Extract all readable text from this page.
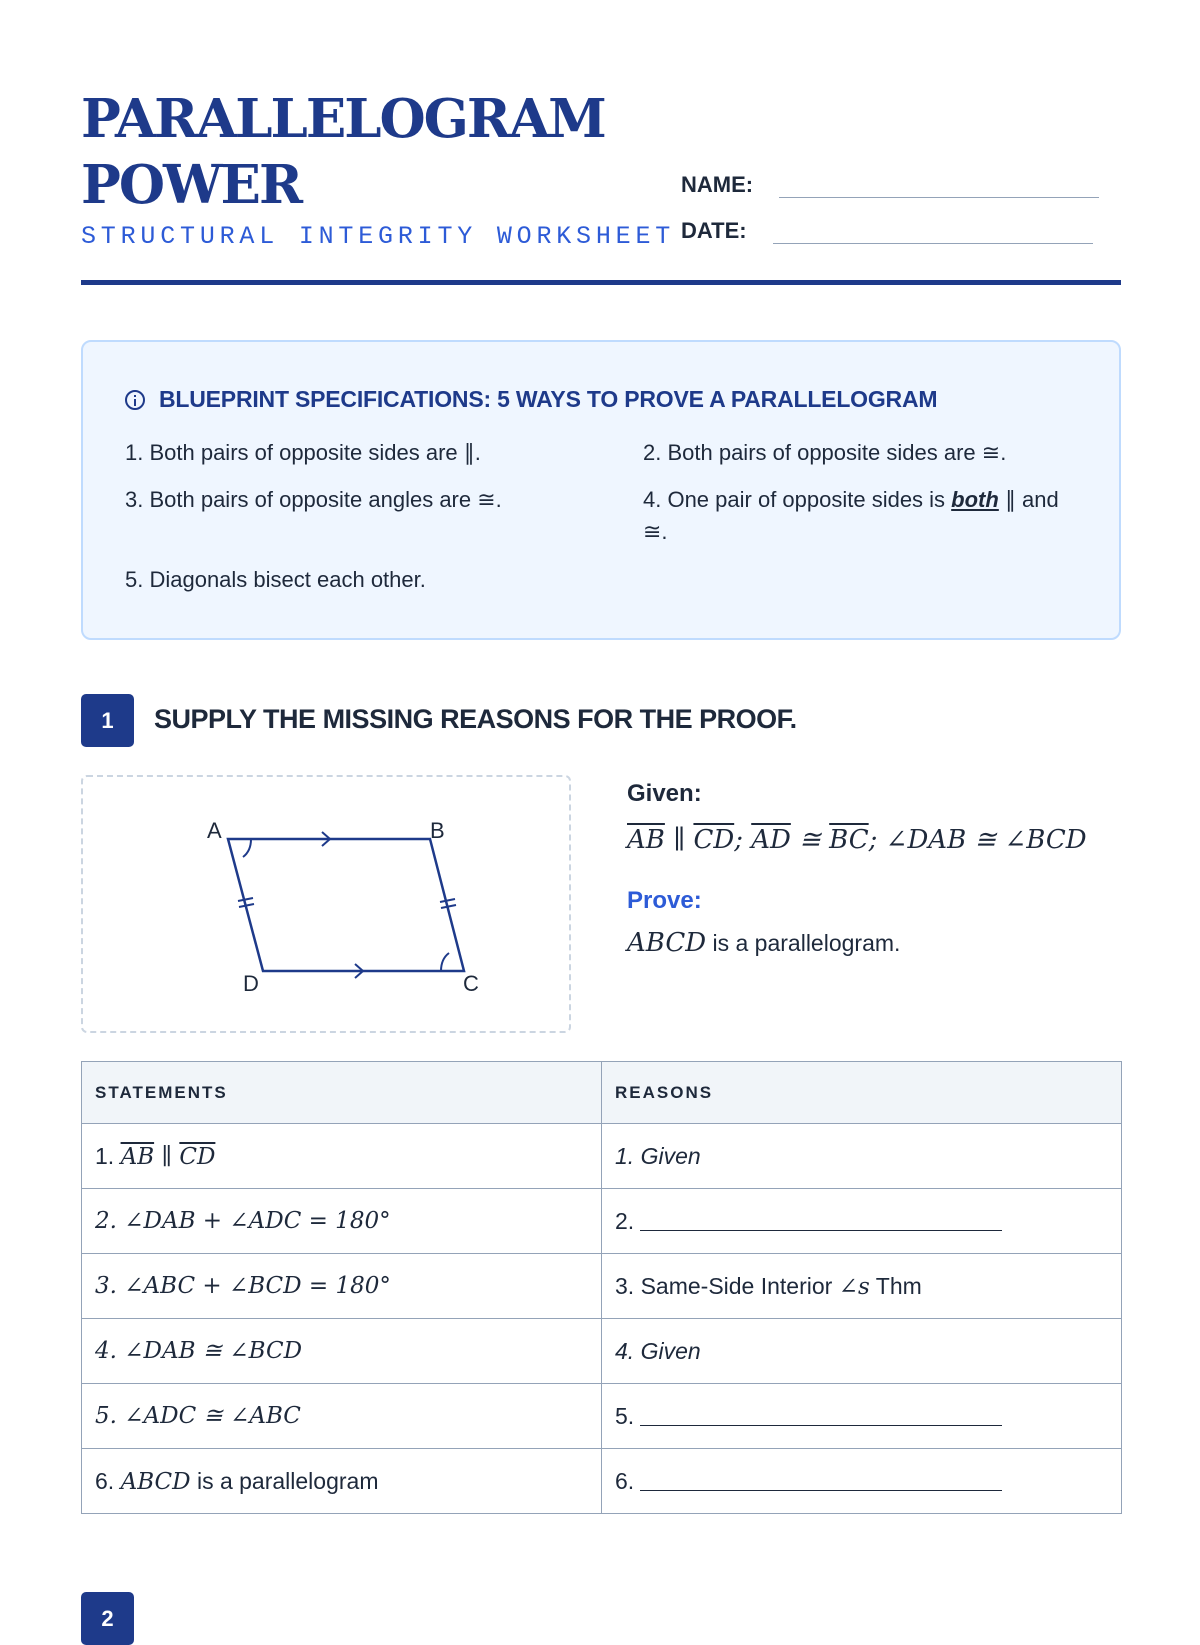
PARALLELOGRAM
POWER
STRUCTURAL INTEGRITY WORKSHEET
NAME:
DATE:
BLUEPRINT SPECIFICATIONS: 5 WAYS TO PROVE A PARALLELOGRAM
1. Both pairs of opposite sides are ∥.	2. Both pairs of opposite sides are ≅.
3. Both pairs of opposite angles are ≅.	4. One pair of opposite sides is both ∥ and ≅.
5. Diagonals bisect each other.
1	SUPPLY THE MISSING REASONS FOR THE PROOF.
A	B
C
D
Given:
$\overline{AB}$ ∥ $\overline{CD}$; $\overline{AD}$ ≅ $\overline{BC}$; ∠DAB ≅ ∠BCD
Prove:
ABCD is a parallelogram.
STATEMENTS	REASONS
1. $\overline{AB}$ ∥ $\overline{CD}$	1. Given
2. ∠DAB + ∠ADC = 180°	2.
3. ∠ABC + ∠BCD = 180°	3. Same-Side Interior ∠s Thm
4. ∠DAB ≅ ∠BCD	4. Given
5. ∠ADC ≅ ∠ABC	5.
6. ABCD is a parallelogram	6.
2
